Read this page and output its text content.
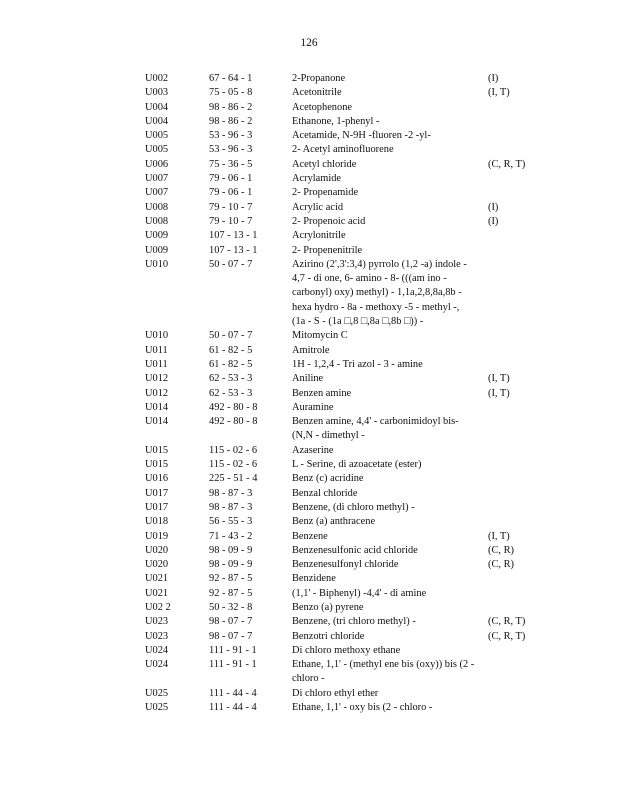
126
U002	67 - 64 - 1	2-Propanone	(I)
U003	75 - 05 - 8	Acetonitrile	(I, T)
U004	98 - 86 - 2	Acetophenone
U004	98 - 86 - 2	Ethanone, 1-phenyl -
U005	53 - 96 - 3	Acetamide, N-9H -fluoren -2 -yl-
U005	53 - 96 - 3	2- Acetyl aminofluorene
U006	75 - 36 - 5	Acetyl chloride	(C, R, T)
U007	79 - 06 - 1	Acrylamide
U007	79 - 06 - 1	2- Propenamide
U008	79 - 10 - 7	Acrylic acid	(I)
U008	79 - 10 - 7	2- Propenoic acid	(I)
U009	107 - 13 - 1	Acrylonitrile
U009	107 - 13 - 1	2- Propenenitrile
U010	50 - 07 - 7	Azirino (2',3':3,4) pyrrolo (1,2 -a) indole -
4,7 - di one, 6- amino - 8- (((am ino -
carbonyl) oxy) methyl) - 1,1a,2,8,8a,8b -
hexa hydro - 8a - methoxy -5 - methyl -,
(1a - S - (1a □,8 □,8a □,8b □)) -
U010	50 - 07 - 7	Mitomycin C
U011	61 - 82 - 5	Amitrole
U011	61 - 82 - 5	1H - 1,2,4 - Tri azol - 3 - amine
U012	62 - 53 - 3	Aniline	(I, T)
U012	62 - 53 - 3	Benzen amine	(I, T)
U014	492 - 80 - 8	Auramine
U014	492 - 80 - 8	Benzen amine, 4,4' - carbonimidoyl bis-
(N,N - dimethyl -
U015	115 - 02 - 6	Azaserine
U015	115 - 02 - 6	L - Serine, di azoacetate (ester)
U016	225 - 51 - 4	Benz (c) acridine
U017	98 - 87 - 3	Benzal chloride
U017	98 - 87 - 3	Benzene, (di chloro methyl) -
U018	56 - 55 - 3	Benz (a) anthracene
U019	71 - 43 - 2	Benzene	(I, T)
U020	98 - 09 - 9	Benzenesulfonic acid chloride	(C, R)
U020	98 - 09 - 9	Benzenesulfonyl chloride	(C, R)
U021	92 - 87 - 5	Benzidene
U021	92 - 87 - 5	(1,1' - Biphenyl) -4,4' - di amine
U02 2	50 - 32 - 8	Benzo (a) pyrene
U023	98 - 07 - 7	Benzene, (tri chloro methyl) -	(C, R, T)
U023	98 - 07 - 7	Benzotri chloride	(C, R, T)
U024	111 - 91 - 1	Di chloro methoxy ethane
U024	111 - 91 - 1	Ethane, 1,1' - (methyl ene bis (oxy)) bis (2 -
chloro -
U025	111 - 44 - 4	Di chloro ethyl ether
U025	111 - 44 - 4	Ethane, 1,1' - oxy bis (2 - chloro -
